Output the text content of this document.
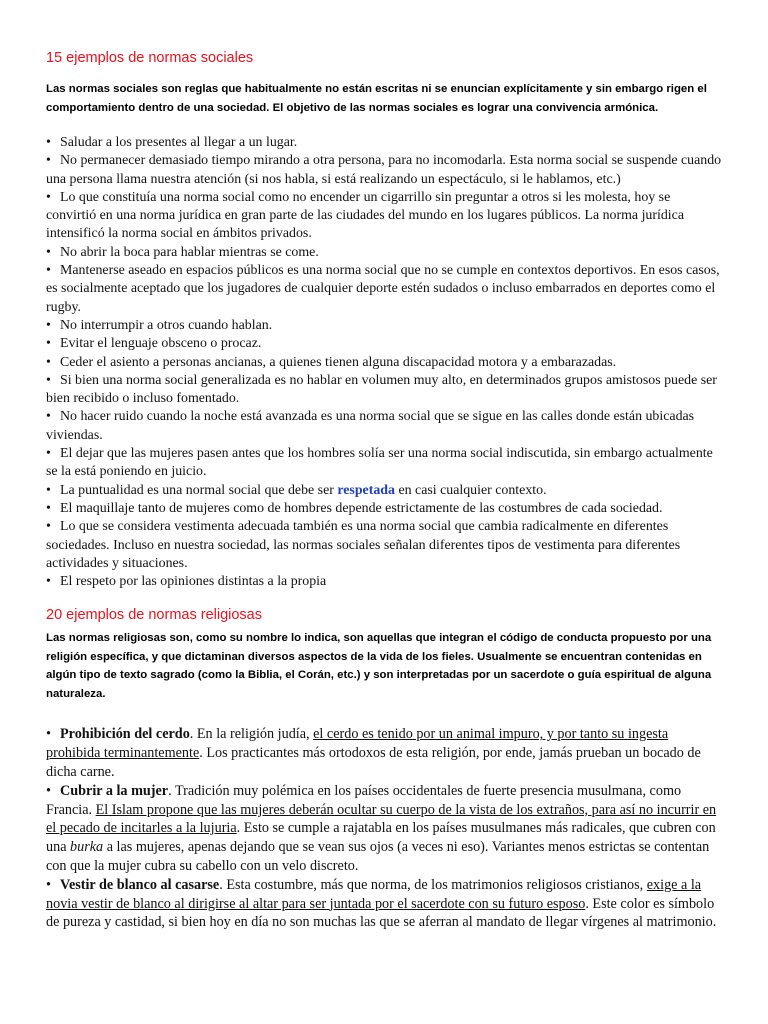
15 ejemplos de normas sociales

Las normas sociales son reglas que habitualmente no están escritas ni se enuncian explícitamente y sin embargo rigen el comportamiento dentro de una sociedad. El objetivo de las normas sociales es lograr una convivencia armónica.

• Saludar a los presentes al llegar a un lugar.
• No permanecer demasiado tiempo mirando a otra persona, para no incomodarla. Esta norma social se suspende cuando una persona llama nuestra atención (si nos habla, si está realizando un espectáculo, si le hablamos, etc.)
• Lo que constituía una norma social como no encender un cigarrillo sin preguntar a otros si les molesta, hoy se convirtió en una norma jurídica en gran parte de las ciudades del mundo en los lugares públicos. La norma jurídica intensificó la norma social en ámbitos privados.
• No abrir la boca para hablar mientras se come.
• Mantenerse aseado en espacios públicos es una norma social que no se cumple en contextos deportivos. En esos casos, es socialmente aceptado que los jugadores de cualquier deporte estén sudados o incluso embarrados en deportes como el rugby.
• No interrumpir a otros cuando hablan.
• Evitar el lenguaje obsceno o procaz.
• Ceder el asiento a personas ancianas, a quienes tienen alguna discapacidad motora y a embarazadas.
• Si bien una norma social generalizada es no hablar en volumen muy alto, en determinados grupos amistosos puede ser bien recibido o incluso fomentado.
• No hacer ruido cuando la noche está avanzada es una norma social que se sigue en las calles donde están ubicadas viviendas.
• El dejar que las mujeres pasen antes que los hombres solía ser una norma social indiscutida, sin embargo actualmente se la está poniendo en juicio.
• La puntualidad es una normal social que debe ser respetada en casi cualquier contexto.
• El maquillaje tanto de mujeres como de hombres depende estrictamente de las costumbres de cada sociedad.
• Lo que se considera vestimenta adecuada también es una norma social que cambia radicalmente en diferentes sociedades. Incluso en nuestra sociedad, las normas sociales señalan diferentes tipos de vestimenta para diferentes actividades y situaciones.
• El respeto por las opiniones distintas a la propia
20 ejemplos de normas religiosas

Las normas religiosas son, como su nombre lo indica, son aquellas que integran el código de conducta propuesto por una religión específica, y que dictaminan diversos aspectos de la vida de los fieles. Usualmente se encuentran contenidas en algún tipo de texto sagrado (como la Biblia, el Corán, etc.) y son interpretadas por un sacerdote o guía espiritual de alguna naturaleza.

• Prohibición del cerdo. En la religión judía, el cerdo es tenido por un animal impuro, y por tanto su ingesta prohibida terminantemente. Los practicantes más ortodoxos de esta religión, por ende, jamás prueban un bocado de dicha carne.
• Cubrir a la mujer. Tradición muy polémica en los países occidentales de fuerte presencia musulmana, como Francia. El Islam propone que las mujeres deberán ocultar su cuerpo de la vista de los extraños, para así no incurrir en el pecado de incitarles a la lujuria. Esto se cumple a rajatabla en los países musulmanes más radicales, que cubren con una burka a las mujeres, apenas dejando que se vean sus ojos (a veces ni eso). Variantes menos estrictas se contentan con que la mujer cubra su cabello con un velo discreto.
• Vestir de blanco al casarse. Esta costumbre, más que norma, de los matrimonios religiosos cristianos, exige a la novia vestir de blanco al dirigirse al altar para ser juntada por el sacerdote con su futuro esposo. Este color es símbolo de pureza y castidad, si bien hoy en día no son muchas las que se aferran al mandato de llegar vírgenes al matrimonio.
